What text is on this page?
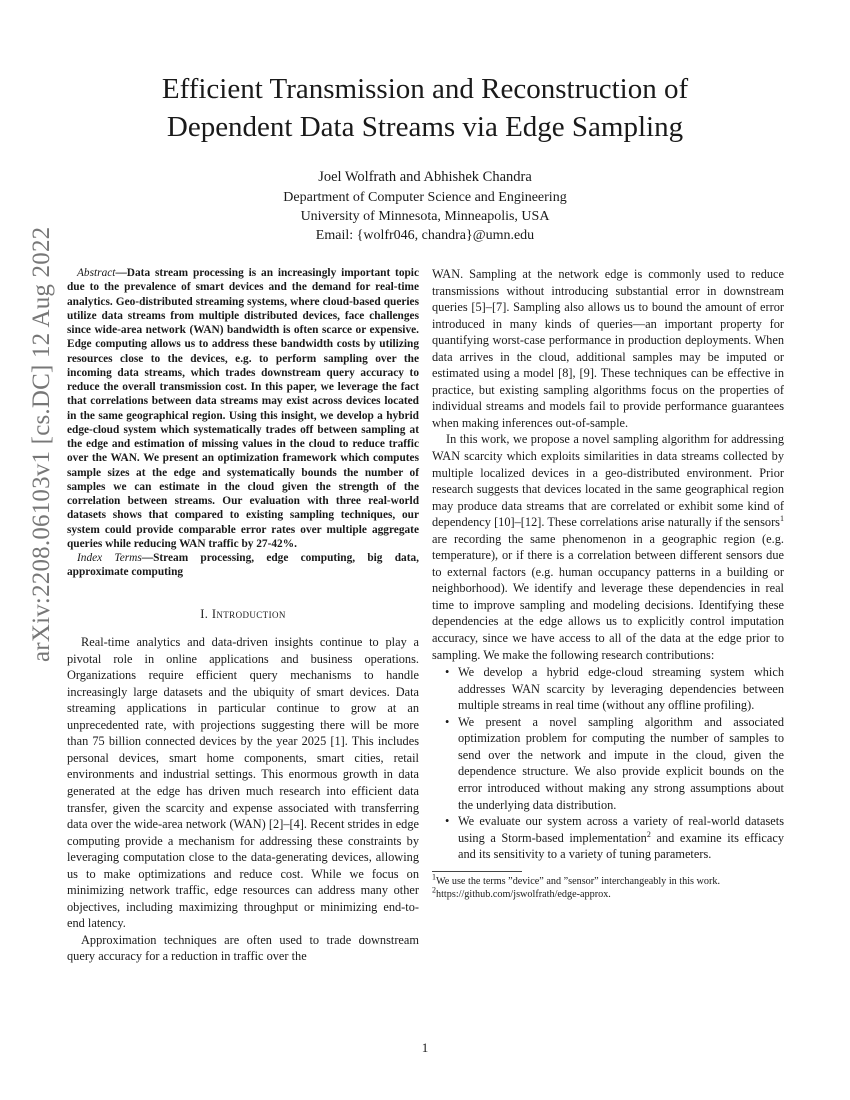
arXiv:2208.06103v1 [cs.DC] 12 Aug 2022
Efficient Transmission and Reconstruction of
Dependent Data Streams via Edge Sampling
Joel Wolfrath and Abhishek Chandra
Department of Computer Science and Engineering
University of Minnesota, Minneapolis, USA
Email: {wolfr046, chandra}@umn.edu

Abstract—Data stream processing is an increasingly important topic due to the prevalence of smart devices and the demand for real-time analytics. Geo-distributed streaming systems, where cloud-based queries utilize data streams from multiple distributed devices, face challenges since wide-area network (WAN) bandwidth is often scarce or expensive. Edge computing allows us to address these bandwidth costs by utilizing resources close to the devices, e.g. to perform sampling over the incoming data streams, which trades downstream query accuracy to reduce the overall transmission cost. In this paper, we leverage the fact that correlations between data streams may exist across devices located in the same geographical region. Using this insight, we develop a hybrid edge-cloud system which systematically trades off between sampling at the edge and estimation of missing values in the cloud to reduce traffic over the WAN. We present an optimization framework which computes sample sizes at the edge and systematically bounds the number of samples we can estimate in the cloud given the strength of the correlation between streams. Our evaluation with three real-world datasets shows that compared to existing sampling techniques, our system could provide comparable error rates over multiple aggregate queries while reducing WAN traffic by 27-42%.

Index Terms—Stream processing, edge computing, big data, approximate computing

I. Introduction

Real-time analytics and data-driven insights continue to play a pivotal role in online applications and business operations. Organizations require efficient query mechanisms to handle increasingly large datasets and the ubiquity of smart devices. Data streaming applications in particular continue to grow at an unprecedented rate, with projections suggesting there will be more than 75 billion connected devices by the year 2025 [1]. This includes personal devices, smart home components, smart cities, retail environments and industrial settings. This enormous growth in data generated at the edge has driven much research into efficient data transfer, given the scarcity and expense associated with transferring data over the wide-area network (WAN) [2]–[4]. Recent strides in edge computing provide a mechanism for addressing these constraints by leveraging computation close to the data-generating devices, allowing us to make optimizations and reduce cost. While we focus on minimizing network traffic, edge resources can address many other objectives, including maximizing throughput or minimizing end-to-end latency.

Approximation techniques are often used to trade downstream query accuracy for a reduction in traffic over the

WAN. Sampling at the network edge is commonly used to reduce transmissions without introducing substantial error in downstream queries [5]–[7]. Sampling also allows us to bound the amount of error introduced in many kinds of queries—an important property for quantifying worst-case performance in production deployments. When data arrives in the cloud, additional samples may be imputed or estimated using a model [8], [9]. These techniques can be effective in practice, but existing sampling algorithms focus on the properties of individual streams and models fail to provide performance guarantees when making inferences out-of-sample.

In this work, we propose a novel sampling algorithm for addressing WAN scarcity which exploits similarities in data streams collected by multiple localized devices in a geo-distributed environment. Prior research suggests that devices located in the same geographical region may produce data streams that are correlated or exhibit some kind of dependency [10]–[12]. These correlations arise naturally if the sensors$^1$ are recording the same phenomenon in a geographic region (e.g. temperature), or if there is a correlation between different sensors due to external factors (e.g. human occupancy patterns in a building or neighborhood). We identify and leverage these dependencies in real time to improve sampling and modeling decisions. Identifying these dependencies at the edge allows us to explicitly control imputation accuracy, since we have access to all of the data at the edge prior to sampling. We make the following research contributions:

• We develop a hybrid edge-cloud streaming system which addresses WAN scarcity by leveraging dependencies between multiple streams in real time (without any offline profiling).
• We present a novel sampling algorithm and associated optimization problem for computing the number of samples to send over the network and impute in the cloud, given the dependence structure. We also provide explicit bounds on the error introduced without making any strong assumptions about the underlying data distribution.
• We evaluate our system across a variety of real-world datasets using a Storm-based implementation$^2$ and examine its efficacy and its sensitivity to a variety of tuning parameters.
$^1$We use the terms ”device” and ”sensor” interchangeably in this work.
$^2$https://github.com/jswolfrath/edge-approx.
1
